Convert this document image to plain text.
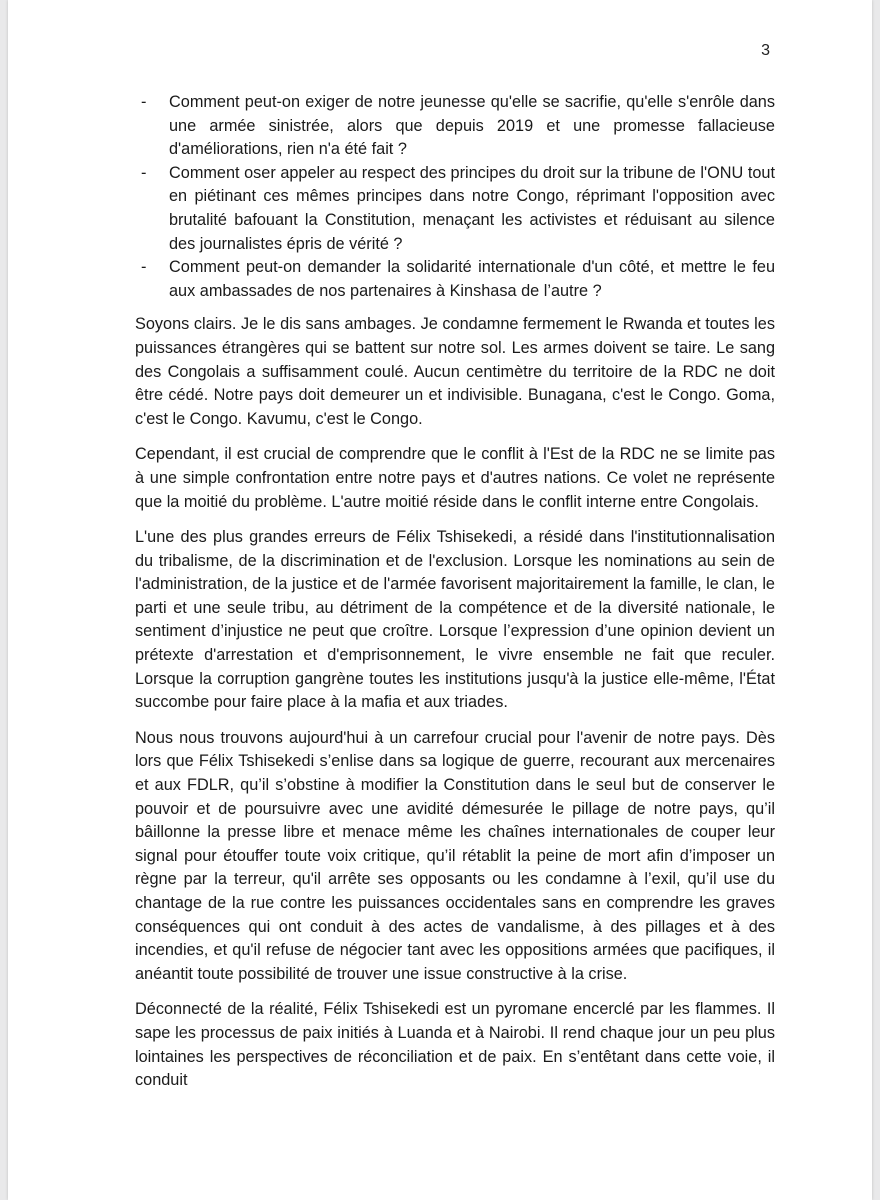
3
- Comment peut-on exiger de notre jeunesse qu'elle se sacrifie, qu'elle s'enrôle dans une armée sinistrée, alors que depuis 2019 et une promesse fallacieuse d'améliorations, rien n'a été fait ?
- Comment oser appeler au respect des principes du droit sur la tribune de l'ONU tout en piétinant ces mêmes principes dans notre Congo, réprimant l'opposition avec brutalité bafouant la Constitution, menaçant les activistes et réduisant au silence des journalistes épris de vérité ?
- Comment peut-on demander la solidarité internationale d'un côté, et mettre le feu aux ambassades de nos partenaires à Kinshasa de l’autre ?

Soyons clairs. Je le dis sans ambages. Je condamne fermement le Rwanda et toutes les puissances étrangères qui se battent sur notre sol. Les armes doivent se taire. Le sang des Congolais a suffisamment coulé. Aucun centimètre du territoire de la RDC ne doit être cédé. Notre pays doit demeurer un et indivisible. Bunagana, c'est le Congo. Goma, c'est le Congo. Kavumu, c'est le Congo.

Cependant, il est crucial de comprendre que le conflit à l'Est de la RDC ne se limite pas à une simple confrontation entre notre pays et d'autres nations. Ce volet ne représente que la moitié du problème. L'autre moitié réside dans le conflit interne entre Congolais.

L'une des plus grandes erreurs de Félix Tshisekedi, a résidé dans l'institutionnalisation du tribalisme, de la discrimination et de l'exclusion. Lorsque les nominations au sein de l'administration, de la justice et de l'armée favorisent majoritairement la famille, le clan, le parti et une seule tribu, au détriment de la compétence et de la diversité nationale, le sentiment d’injustice ne peut que croître. Lorsque l’expression d’une opinion devient un prétexte d'arrestation et d'emprisonnement, le vivre ensemble ne fait que reculer. Lorsque la corruption gangrène toutes les institutions jusqu'à la justice elle-même, l'État succombe pour faire place à la mafia et aux triades.

Nous nous trouvons aujourd'hui à un carrefour crucial pour l'avenir de notre pays. Dès lors que Félix Tshisekedi s’enlise dans sa logique de guerre, recourant aux mercenaires et aux FDLR, qu’il s’obstine à modifier la Constitution dans le seul but de conserver le pouvoir et de poursuivre avec une avidité démesurée le pillage de notre pays, qu’il bâillonne la presse libre et menace même les chaînes internationales de couper leur signal pour étouffer toute voix critique, qu’il rétablit la peine de mort afin d’imposer un règne par la terreur, qu'il arrête ses opposants ou les condamne à l’exil, qu’il use du chantage de la rue contre les puissances occidentales sans en comprendre les graves conséquences qui ont conduit à des actes de vandalisme, à des pillages et à des incendies, et qu'il refuse de négocier tant avec les oppositions armées que pacifiques, il anéantit toute possibilité de trouver une issue constructive à la crise.

Déconnecté de la réalité, Félix Tshisekedi est un pyromane encerclé par les flammes. Il sape les processus de paix initiés à Luanda et à Nairobi. Il rend chaque jour un peu plus lointaines les perspectives de réconciliation et de paix. En s’entêtant dans cette voie, il conduit
